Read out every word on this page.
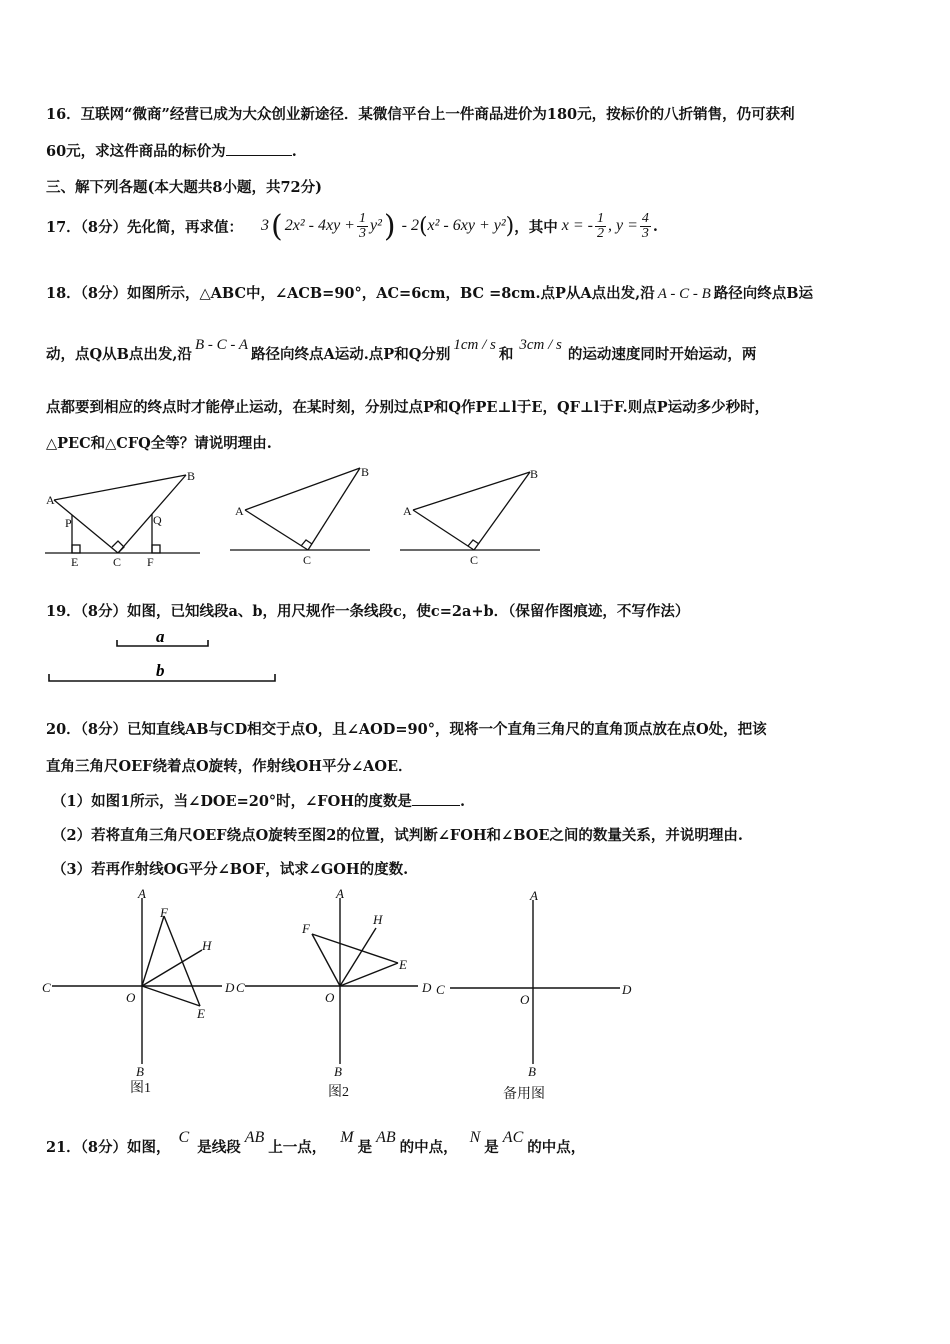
16．互联网“微商”经营已成为大众创业新途径．某微信平台上一件商品进价为180元，按标价的八折销售，仍可获利
60元，求这件商品的标价为	.
三、解下列各题(本大题共8小题，共72分)
17．（8分）先化简，再求值： 3 ( $2x^2 - 4xy + \frac{1}{3} y^2$ ) - 2 ( x² - 6xy + y² ) ，其中 x = - $\frac{1}{2}$ , $y = \frac{4}{3}$ .
18．（8分）如图所示，△ABC中，∠ACB=90°，AC=6cm，BC =8cm.点P从A点出发,沿 A - C - B 路径向终点B运
动，点Q从B点出发,沿B - C - A路径向终点A运动.点P和Q分别1cm / s和3cm / s的运动速度同时开始运动，两
点都要到相应的终点时才能停止运动，在某时刻，分别过点P和Q作PE⊥l于E，QF⊥l于F.则点P运动多少秒时，
△PEC和△CFQ全等？请说明理由.
A
B
P	Q
E	C F
A
B
C
A
B
C
19．（8分）如图，已知线段a、b，用尺规作一条线段c，使c=2a+b．（保留作图痕迹，不写作法）
a
b
20．（8分）已知直线AB与CD相交于点O，且∠AOD=90°，现将一个直角三角尺的直角顶点放在点O处，把该
直角三角尺OEF绕着点O旋转，作射线OH平分∠AOE．
（1）如图1所示，当∠DOE=20°时，∠FOH的度数是	.
（2）若将直角三角尺OEF绕点O旋转至图2的位置，试判断∠FOH和∠BOE之间的数量关系，并说明理由.
（3）若再作射线OG平分∠BOF，试求∠GOH的度数.
A
B
C	D
O
F
H
E
A
B
C	D
O
F
H
E
A
B
C	D
O
图1	图2	备用图
21．（8分）如图，C是线段AB上一点，M是AB的中点，N是AC的中点，
